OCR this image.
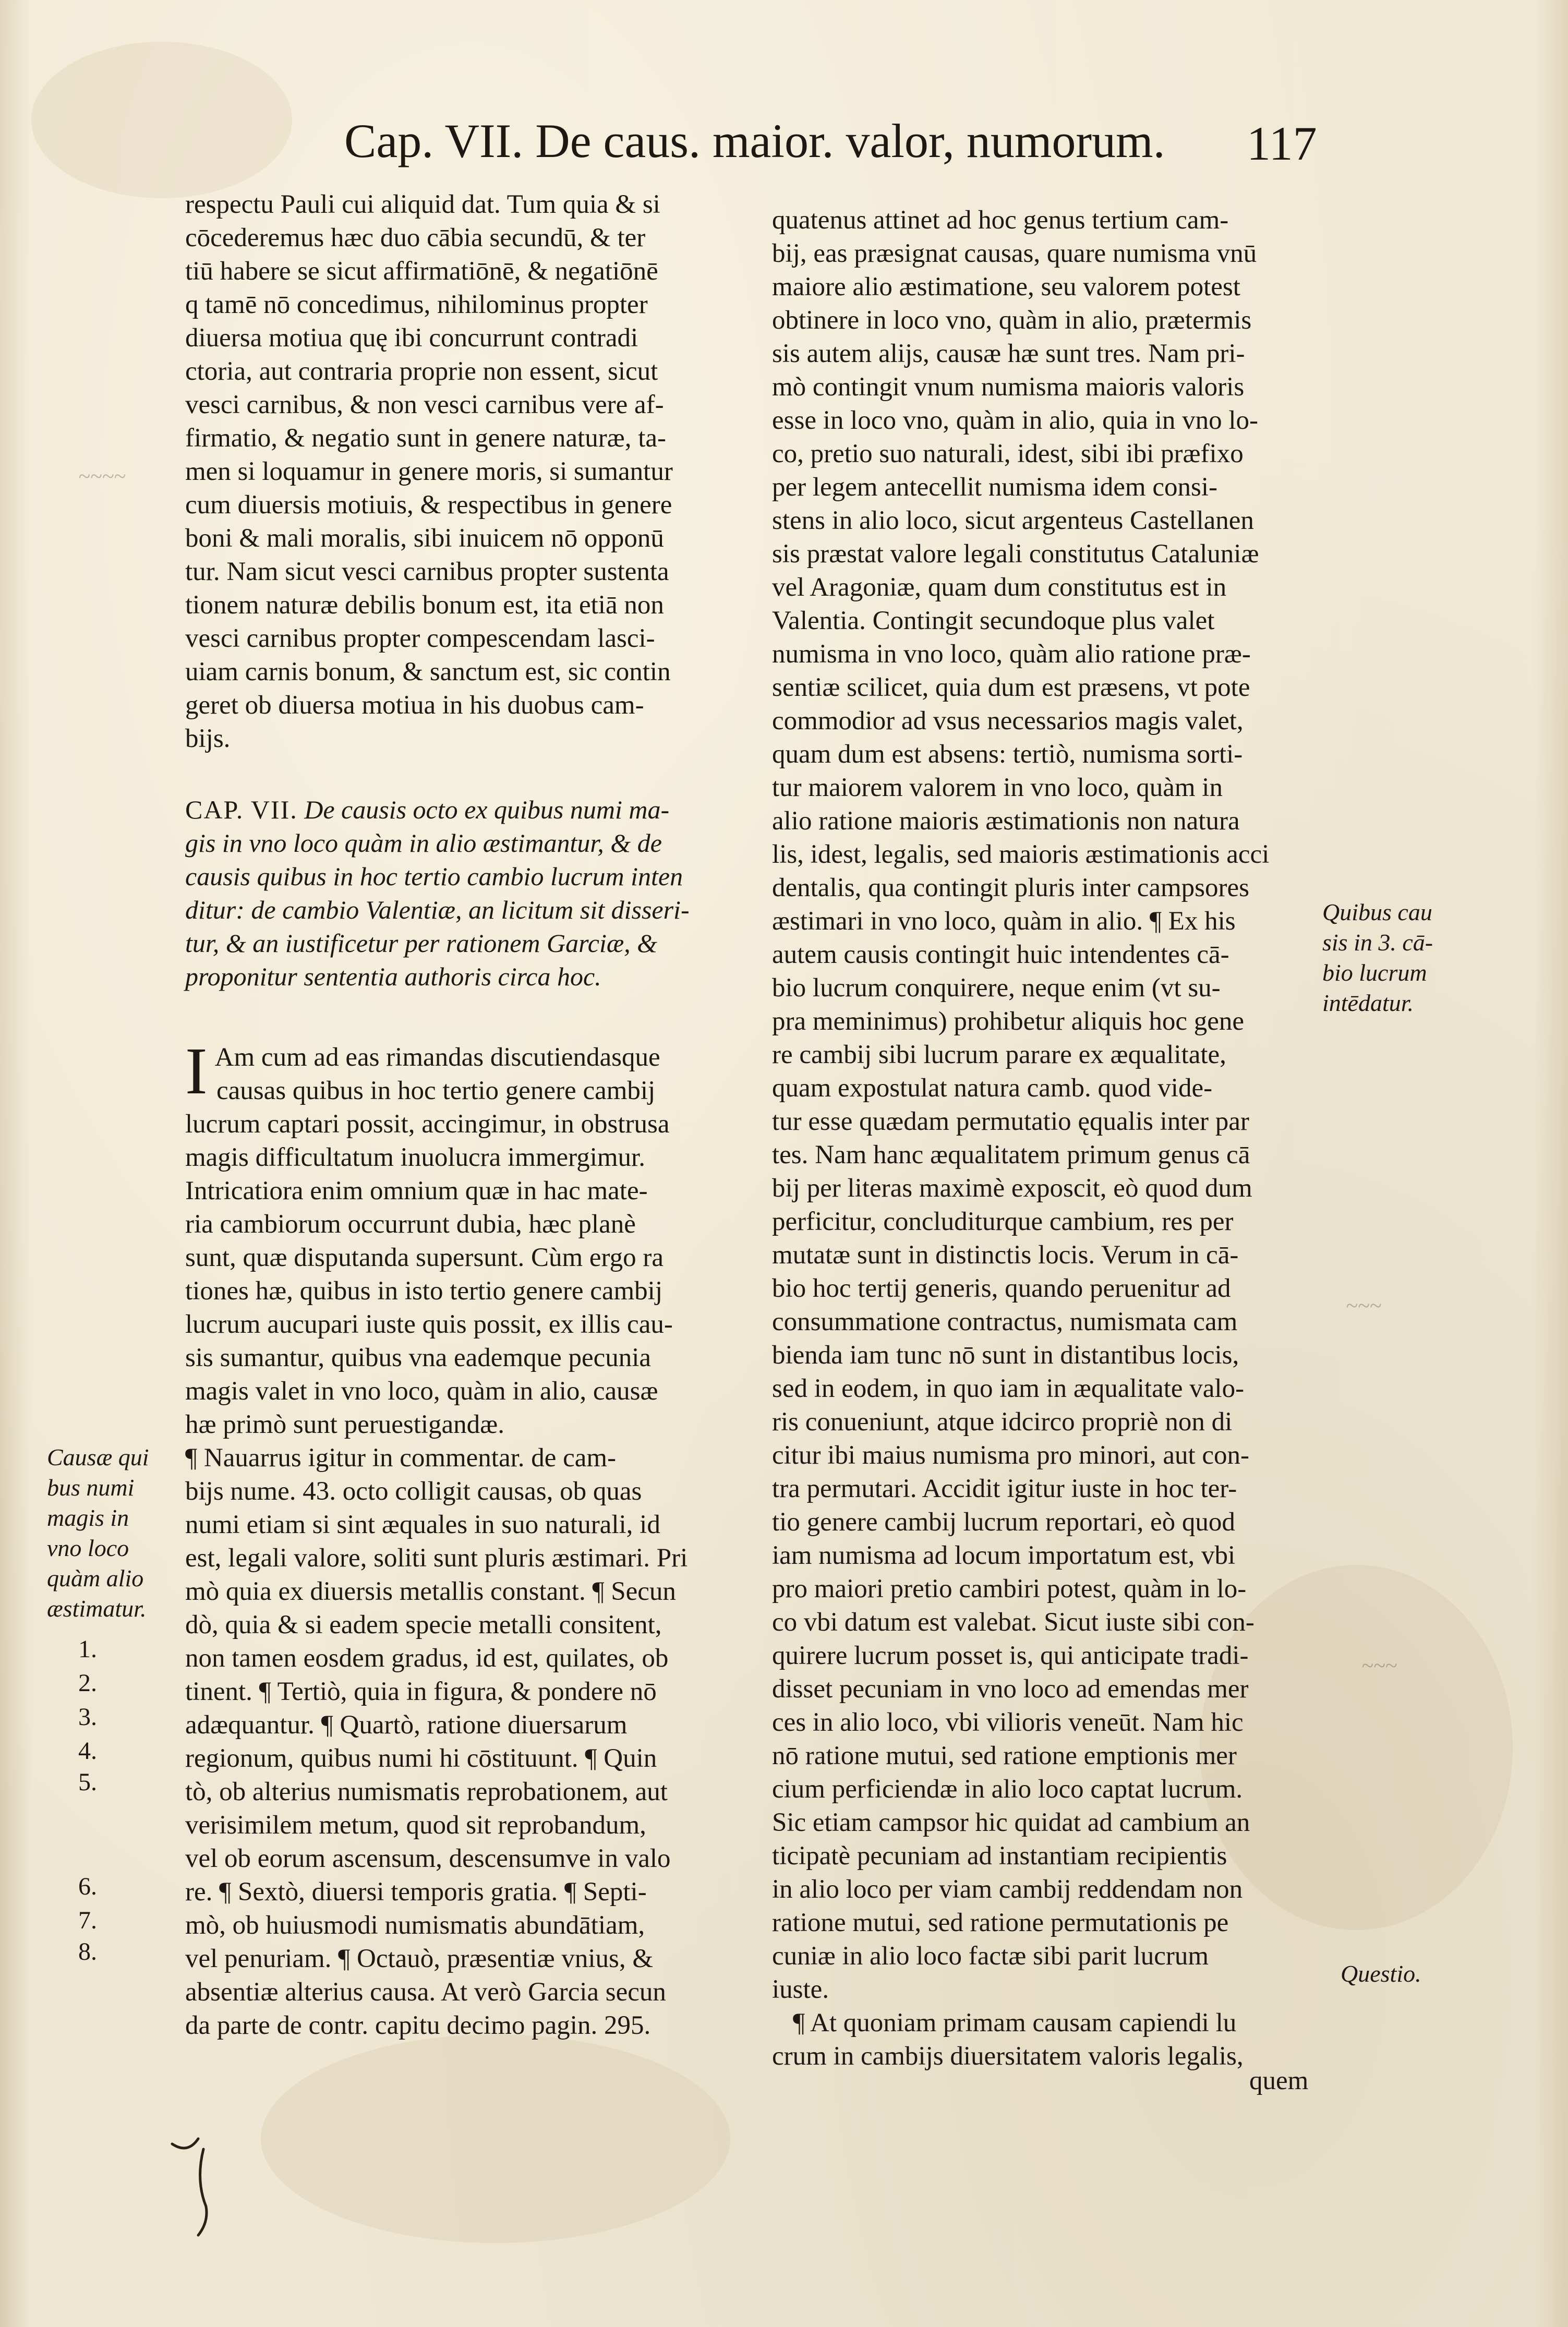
Cap. VII. De caus. maior. valor, numorum.	117
respectu Pauli cui aliquid dat. Tum quia & si
cōcederemus hæc duo cābia secundū, & ter
tiū habere se sicut affirmatiōnē, & negatiōnē
q tamē nō concedimus, nihilominus propter
diuersa motiua quę ibi concurrunt contradi
ctoria, aut contraria proprie non essent, sicut
vesci carnibus, & non vesci carnibus vere af-
firmatio, & negatio sunt in genere naturæ, ta-
men si loquamur in genere moris, si sumantur
cum diuersis motiuis, & respectibus in genere
boni & mali moralis, sibi inuicem nō opponū
tur. Nam sicut vesci carnibus propter sustenta
tionem naturæ debilis bonum est, ita etiā non
vesci carnibus propter compescendam lasci-
uiam carnis bonum, & sanctum est, sic contin
geret ob diuersa motiua in his duobus cam-
bijs.
CAP. VII. De causis octo ex quibus numi ma-
gis in vno loco quàm in alio æstimantur, & de
causis quibus in hoc tertio cambio lucrum inten
ditur: de cambio Valentiæ, an licitum sit disseri-
tur, & an iustificetur per rationem Garciæ, &
proponitur sententia authoris circa hoc.
I Am cum ad eas rimandas discutiendasque
causas quibus in hoc tertio genere cambij
lucrum captari possit, accingimur, in obstrusa
magis difficultatum inuolucra immergimur.
Intricatiora enim omnium quæ in hac mate-
ria cambiorum occurrunt dubia, hæc planè
sunt, quæ disputanda supersunt. Cùm ergo ra
tiones hæ, quibus in isto tertio genere cambij
lucrum aucupari iuste quis possit, ex illis cau-
sis sumantur, quibus vna eademque pecunia
magis valet in vno loco, quàm in alio, causæ
hæ primò sunt peruestigandæ.
¶ Nauarrus igitur in commentar. de cam-
bijs nume. 43. octo colligit causas, ob quas
numi etiam si sint æquales in suo naturali, id
est, legali valore, soliti sunt pluris æstimari. Pri
mò quia ex diuersis metallis constant. ¶ Secun
dò, quia & si eadem specie metalli consitent,
non tamen eosdem gradus, id est, quilates, ob
tinent. ¶ Tertiò, quia in figura, & pondere nō
adæquantur. ¶ Quartò, ratione diuersarum
regionum, quibus numi hi cōstituunt. ¶ Quin
tò, ob alterius numismatis reprobationem, aut
verisimilem metum, quod sit reprobandum,
vel ob eorum ascensum, descensumve in valo
re. ¶ Sextò, diuersi temporis gratia. ¶ Septi-
mò, ob huiusmodi numismatis abundātiam,
vel penuriam. ¶ Octauò, præsentiæ vnius, &
absentiæ alterius causa. At verò Garcia secun
da parte de contr. capitu decimo pagin. 295.
quatenus attinet ad hoc genus tertium cam-
bij, eas præsignat causas, quare numisma vnū
maiore alio æstimatione, seu valorem potest
obtinere in loco vno, quàm in alio, prætermis
sis autem alijs, causæ hæ sunt tres. Nam pri-
mò contingit vnum numisma maioris valoris
esse in loco vno, quàm in alio, quia in vno lo-
co, pretio suo naturali, idest, sibi ibi præfixo
per legem antecellit numisma idem consi-
stens in alio loco, sicut argenteus Castellanen
sis præstat valore legali constitutus Cataluniæ
vel Aragoniæ, quam dum constitutus est in
Valentia. Contingit secundoque plus valet
numisma in vno loco, quàm alio ratione præ-
sentiæ scilicet, quia dum est præsens, vt pote
commodior ad vsus necessarios magis valet,
quam dum est absens: tertiò, numisma sorti-
tur maiorem valorem in vno loco, quàm in
alio ratione maioris æstimationis non natura
lis, idest, legalis, sed maioris æstimationis acci
dentalis, qua contingit pluris inter campsores
æstimari in vno loco, quàm in alio. ¶ Ex his
autem causis contingit huic intendentes cā-
bio lucrum conquirere, neque enim (vt su-
pra meminimus) prohibetur aliquis hoc gene
re cambij sibi lucrum parare ex æqualitate,
quam expostulat natura camb. quod vide-
tur esse quædam permutatio ęqualis inter par
tes. Nam hanc æqualitatem primum genus cā
bij per literas maximè exposcit, eò quod dum
perficitur, concluditurque cambium, res per
mutatæ sunt in distinctis locis. Verum in cā-
bio hoc tertij generis, quando peruenitur ad
consummatione contractus, numismata cam
bienda iam tunc nō sunt in distantibus locis,
sed in eodem, in quo iam in æqualitate valo-
ris conueniunt, atque idcirco propriè non di
citur ibi maius numisma pro minori, aut con-
tra permutari. Accidit igitur iuste in hoc ter-
tio genere cambij lucrum reportari, eò quod
iam numisma ad locum importatum est, vbi
pro maiori pretio cambiri potest, quàm in lo-
co vbi datum est valebat. Sicut iuste sibi con-
quirere lucrum posset is, qui anticipate tradi-
disset pecuniam in vno loco ad emendas mer
ces in alio loco, vbi vilioris veneūt. Nam hic
nō ratione mutui, sed ratione emptionis mer
cium perficiendæ in alio loco captat lucrum.
Sic etiam campsor hic quidat ad cambium an
ticipatè pecuniam ad instantiam recipientis
in alio loco per viam cambij reddendam non
ratione mutui, sed ratione permutationis pe
cuniæ in alio loco factæ sibi parit lucrum
iuste.
¶ At quoniam primam causam capiendi lu
crum in cambijs diuersitatem valoris legalis,
quem
Causæ qui
bus numi
magis in
vno loco
quàm alio
æstimatur.
1.
2.
3.
4.
5.
6.
7.
8.
Quibus cau
sis in 3. cā-
bio lucrum
intēdatur.
Questio.
~~~~
~~~
~~~
